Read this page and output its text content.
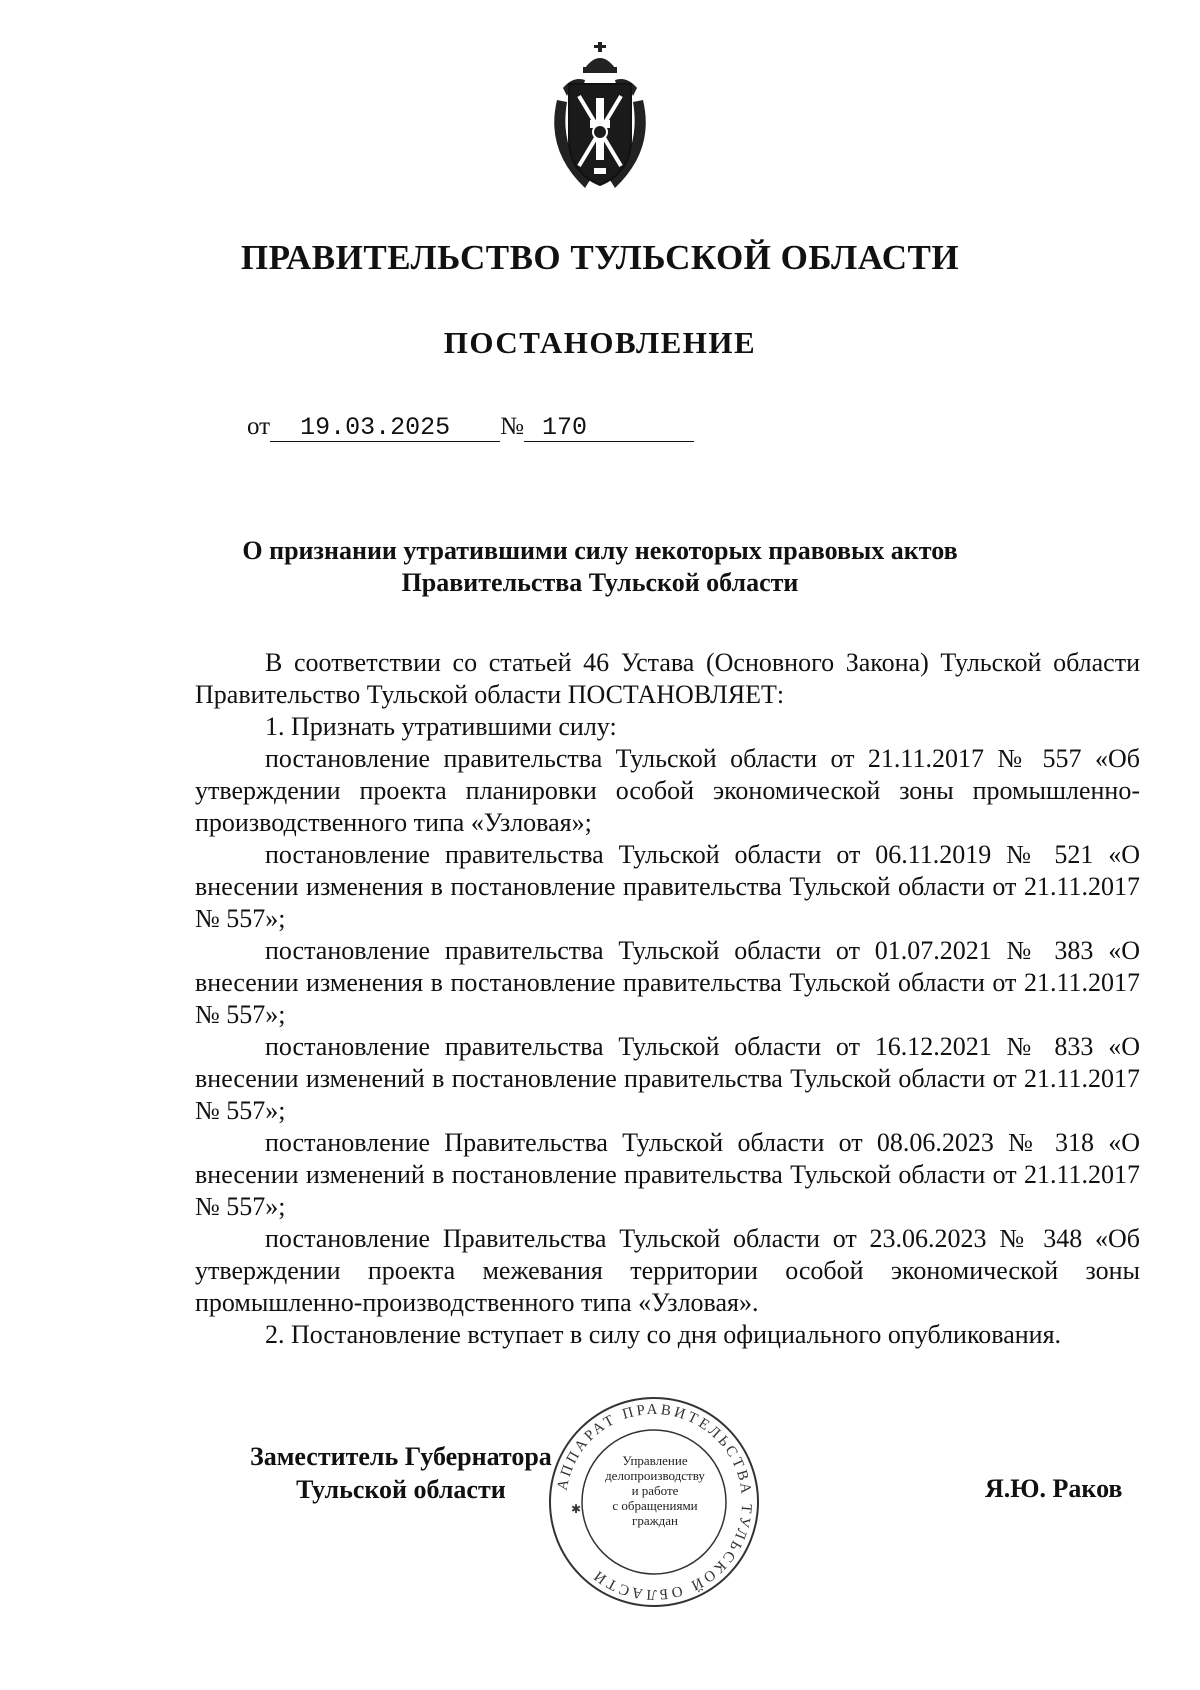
ПРАВИТЕЛЬСТВО ТУЛЬСКОЙ ОБЛАСТИ
ПОСТАНОВЛЕНИЕ
от 19.03.2025 № 170
О признании утратившими силу некоторых правовых актов
Правительства Тульской области

В соответствии со статьей 46 Устава (Основного Закона) Тульской области Правительство Тульской области ПОСТАНОВЛЯЕТ:

1. Признать утратившими силу:

постановление правительства Тульской области от 21.11.2017 № 557 «Об утверждении проекта планировки особой экономической зоны промышленно-производственного типа «Узловая»;

постановление правительства Тульской области от 06.11.2019 № 521 «О внесении изменения в постановление правительства Тульской области от 21.11.2017 № 557»;

постановление правительства Тульской области от 01.07.2021 № 383 «О внесении изменения в постановление правительства Тульской области от 21.11.2017 № 557»;

постановление правительства Тульской области от 16.12.2021 № 833 «О внесении изменений в постановление правительства Тульской области от 21.11.2017 № 557»;

постановление Правительства Тульской области от 08.06.2023 № 318 «О внесении изменений в постановление правительства Тульской области от 21.11.2017 № 557»;

постановление Правительства Тульской области от 23.06.2023 № 348 «Об утверждении проекта межевания территории особой экономической зоны промышленно-производственного типа «Узловая».

2. Постановление вступает в силу со дня официального опубликования.

Заместитель Губернатора
Тульской области	Я.Ю. Раков
АППАРАТ ПРАВИТЕЛЬСТВА ТУЛЬСКОЙ ОБЛАСТИ
✱
Управление
делопроизводству
и работе
с обращениями
граждан
